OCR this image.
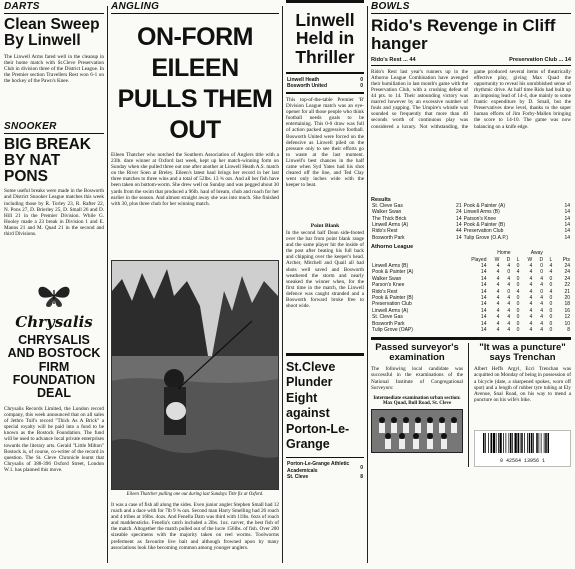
DARTS
Clean Sweep By Linwell
The Linwell Arms fared well in the cleanup in their home match with St.Cleve Preservation Club in division three of the District League. In the Premier section Travellers Rest won 6-1 on the hockey of the Pawn's Knee.
SNOOKER
BIG BREAK BY NAT PONS
Some useful breaks were made in the Bosworth and District Snooker League matches this week including those by R. Torley 23, R. Rafter 22, N. Pons 27, D. Brierley 25, D. Small 26 and D. Hill 21 in the Premier Division. While G. Hooley made a 23 break in Division 1 and E. Manns 21 and M. Quad 21 in the second and third Divisions.
Chrysalis
CHRYSALIS AND BOSTOCK FIRM FOUNDATION DEAL
Chrysalis Records Limited, the London record company, this week announced that on all sales of Jethro Tull's record "Thick As A Brick" a special royalty will be paid into a fund to be known as the Bostock Foundation. The fund will be used to advance local private enterprises towards the literary arts. Gerald "Little Milton" Bostock is, of course, co-writer of the record in question. The St. Cleve Chronicle learnt that Chrysalis of 388-396 Oxford Street, London W.1. has planned this move.
ANGLING
ON-FORM EILEEN PULLS THEM OUT
Eileen Thatcher who notched the Southern Association of Anglers title with a 23lb. dace winner at Oxford last week, kept up her match-winning form on Sunday when she pulled three out one after another at Linwell Heath A.S. match on the River Soen at Breley. Eileen's latest haul brings her record in her last three matches to three wins and a total of 52lbs. 13 ¾ ozs. And all her fish have been taken on bottom-worm. She drew well on Sunday and was pegged about 30 yards from the swim that produced a 96lb. haul of bream, chub and roach for her earlier in the season. And almost straight away she was into much. She finished with 30, plus three chub for her winning match.
Eileen Thatcher pulling one out during last Sundays Title fix at Oxford.
It was a case of fish all along the sides. Even junior angler Stephen Small had 12 roach and a dace with for 7lb 9 ¾ ozs. Second man Harry Smelling had 26 roach and 4 tribes at 16lbs. 4ozs. And Fenella Darn was third with 11lbs. 6ozs of roach and maddensticks. Fenella's catch included a 2lbs. 1oz. carver, the best fish of the match. Altogether the match pulled out of the lucre 156lbs. of fish. Over 200 sizeable specimens with the majority taken on reel worms. Toolworms preferment as favourite live bait and although frowned upon by many associations look like becoming common among younger anglers.
Linwell Held in Thriller
Linwell Heath	0
Bosworth United	0
This top-of-the-table Premier 'B' Division League match was an eye-opener for all those people who think football needs goals to be entertaining. This 0-0 draw was full of action packed aggressive football. Bosworth United were forced on the defensive as Linwell piled on the pressure only to see their efforts go to waste at the last moment. Linwell's best chances in the half came when Syd Yates had his shot cleared off the line, and Ted Clay went only inches wide with the keeper to beat.
Point Blank
In the second half Dean side-footed over the bar from point blank range and the same player hit the inside of the post after beating his full back and chipping over the keeper's head. Archer, Mitchell and Quail all had shots well saved and Bosworth weathered the storm and nearly sneaked the winner when, for the first time in the match, the Linwell defence was caught stranded and a Bosworth forward broke free to shoot wide.
St.Cleve Plunder Eight against Porton-Le-Grange
Porton-Le-Grange Athletic Academicals	0
St. Cleve	8
BOWLS
Rido's Revenge in Cliff hanger
Rido's Rest ... 44	Preservation Club ... 14
Rido's Rest last year's runners up in the Athorno League Combination have avenged their humiliation in last month's game with the Preservation Club, with a crushing defeat of 44 pts. to 14. Their astounding victory was marred however by an excessive number of fouls and yapping. The Umpire's whistle was sounded so frequently that more than 40 seconds worth of continuous play was considered a luxury. Not withstanding, the game produced several items of theatrically effective play, giving Max Quad the opportunity to reveal his unrubbished sense of rhythmic drive. At half time Rido had built up an imposing lead of 14-4, due mainly to some frantic expenditure by D. Small, but the Preservatives drew level, thanks to the super human efforts of Jim Forby-Mallen bringing the score to 14-10. The game was now balancing on a knife edge.
Results
St. Cleve Gas	21	Pook & Painter (A)	14
Walker Swan	24	Linwell Arms (B)	14
The Thick Brick	14	Parson's Knee	14
Linwell Arms (A)	14	Pook & Painter (B)	14
Rido's Rest	44	Preservation Club	14
Bosworth Park	14	Tulip Grove (O.A.P.)	14
Athorno League
		Home			Away			
	Played	W	D	L	W	D	L	Pts
Linwell Arms (B)	14	4	4	0	4	0	4	24
Pook & Painter (A)	14	4	0	4	4	0	4	24
Walker Swan	14	4	4	0	4	4	0	24
Parson's Knee	14	4	4	0	4	4	0	22
Rido's Rest	14	4	0	4	4	0	4	21
Pook & Painter (B)	14	4	4	0	4	4	0	20
Preservation Club	14	4	4	0	4	4	0	18
Linwell Arms (A)	14	4	4	0	4	4	0	16
St. Cleve Gas	14	4	4	0	4	4	0	12
Bosworth Park	14	4	4	0	4	4	0	10
Tulip Grove (OAP)	14	4	4	0	4	4	0	8
Passed surveyor's examination
The following local candidate was successful in the examinations of the National Institute of Congregational Surveyors:
Intermediate examination urban section:
Max Quad, Bull Road, St. Cleve
"It was a puncture" says Trenchan
Albert Heffs Argyl, Ecci Trenchan was acquitted on Monday of being in possession of a bicycle (date, a sharpened spokes, worn off spot) and a length of rubber tyre tubing at Ely Avenue, Snal Road, on his way to mend a puncture on his wife's bike.
0 42564 13956 1
